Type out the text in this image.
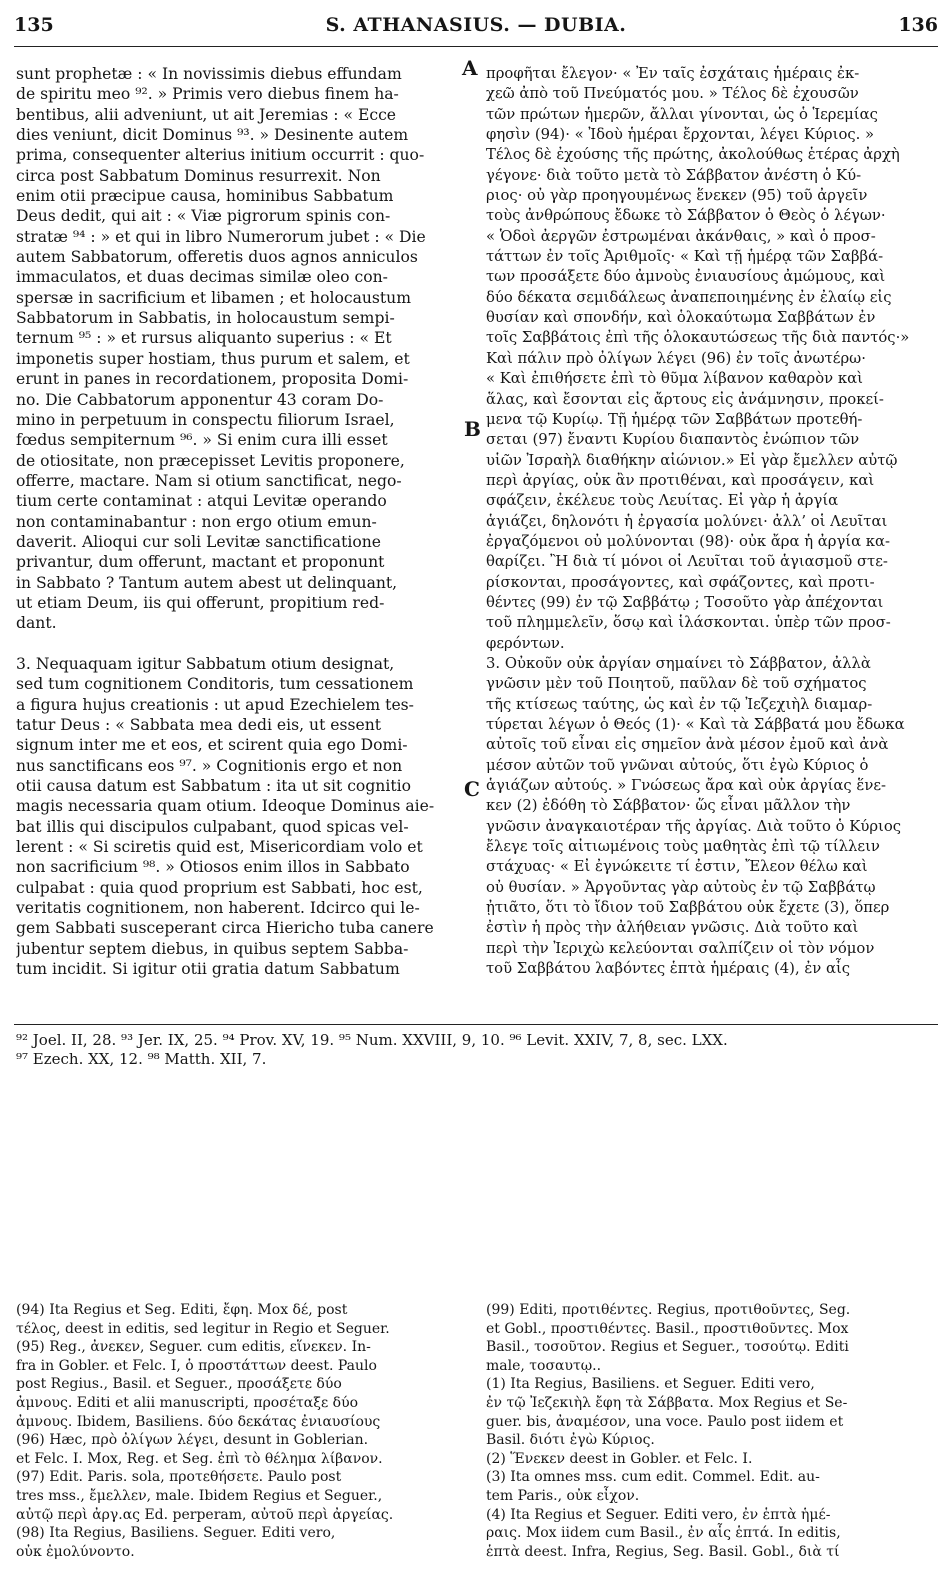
135	S. ATHANASIUS. — DUBIA.	136
sunt prophetæ : « In novissimis diebus effundam
de spiritu meo ⁹². » Primis vero diebus finem ha-
bentibus, alii adveniunt, ut ait Jeremias : « Ecce
dies veniunt, dicit Dominus ⁹³. » Desinente autem
prima, consequenter alterius initium occurrit : quo-
circa post Sabbatum Dominus resurrexit. Non
enim otii præcipue causa, hominibus Sabbatum
Deus dedit, qui ait : « Viæ pigrorum spinis con-
stratæ ⁹⁴ : » et qui in libro Numerorum jubet : « Die
autem Sabbatorum, offeretis duos agnos anniculos
immaculatos, et duas decimas similæ oleo con-
spersæ in sacrificium et libamen ; et holocaustum
Sabbatorum in Sabbatis, in holocaustum sempi-
ternum ⁹⁵ : » et rursus aliquanto superius : « Et
imponetis super hostiam, thus purum et salem, et
erunt in panes in recordationem, proposita Domi-
no. Die Cabbatorum apponentur 43 coram Do-
mino in perpetuum in conspectu filiorum Israel,
fœdus sempiternum ⁹⁶. » Si enim cura illi esset
de otiositate, non præcepisset Levitis proponere,
offerre, mactare. Nam si otium sanctificat, nego-
tium certe contaminat : atqui Levitæ operando
non contaminabantur : non ergo otium emun-
daverit. Alioqui cur soli Levitæ sanctificatione
privantur, dum offerunt, mactant et proponunt
in Sabbato ? Tantum autem abest ut delinquant,
ut etiam Deum, iis qui offerunt, propitium red-
dant.
3. Nequaquam igitur Sabbatum otium designat,
sed tum cognitionem Conditoris, tum cessationem
a figura hujus creationis : ut apud Ezechielem tes-
tatur Deus : « Sabbata mea dedi eis, ut essent
signum inter me et eos, et scirent quia ego Domi-
nus sanctificans eos ⁹⁷. » Cognitionis ergo et non
otii causa datum est Sabbatum : ita ut sit cognitio
magis necessaria quam otium. Ideoque Dominus aie-
bat illis qui discipulos culpabant, quod spicas vel-
lerent : « Si sciretis quid est, Misericordiam volo et
non sacrificium ⁹⁸. » Otiosos enim illos in Sabbato
culpabat : quia quod proprium est Sabbati, hoc est,
veritatis cognitionem, non haberent. Idcirco qui le-
gem Sabbati susceperant circa Hiericho tuba canere
jubentur septem diebus, in quibus septem Sabba-
tum incidit. Si igitur otii gratia datum Sabbatum
προφῆται ἔλεγον· « Ἐν ταῖς ἐσχάταις ἡμέραις ἐκ-
χεῶ ἀπὸ τοῦ Πνεύματός μου. » Τέλος δὲ ἐχουσῶν
τῶν πρώτων ἡμερῶν, ἄλλαι γίνονται, ὡς ὁ Ἱερεμίας
φησὶν (94)· « Ἰδοὺ ἡμέραι ἔρχονται, λέγει Κύριος. »
Τέλος δὲ ἐχούσης τῆς πρώτης, ἀκολούθως ἑτέρας ἀρχὴ
γέγονε· διὰ τοῦτο μετὰ τὸ Σάββατον ἀνέστη ὁ Κύ-
ριος· οὐ γὰρ προηγουμένως ἕνεκεν (95) τοῦ ἀργεῖν
τοὺς ἀνθρώπους ἔδωκε τὸ Σάββατον ὁ Θεὸς ὁ λέγων·
« Ὁδοὶ ἀεργῶν ἐστρωμέναι ἀκάνθαις, » καὶ ὁ προσ-
τάττων ἐν τοῖς Ἀριθμοῖς· « Καὶ τῇ ἡμέρᾳ τῶν Σαββά-
των προσάξετε δύο ἀμνοὺς ἐνιαυσίους ἀμώμους, καὶ
δύο δέκατα σεμιδάλεως ἀναπεποιημένης ἐν ἐλαίῳ εἰς
θυσίαν καὶ σπονδήν, καὶ ὁλοκαύτωμα Σαββάτων ἐν
τοῖς Σαββάτοις ἐπὶ τῆς ὁλοκαυτώσεως τῆς διὰ παντός·»
Καὶ πάλιν πρὸ ὀλίγων λέγει (96) ἐν τοῖς ἀνωτέρω·
« Καὶ ἐπιθήσετε ἐπὶ τὸ θῦμα λίβανον καθαρὸν καὶ
ἅλας, καὶ ἔσονται εἰς ἄρτους εἰς ἀνάμνησιν, προκεί-
μενα τῷ Κυρίῳ. Τῇ ἡμέρᾳ τῶν Σαββάτων προτεθή-
σεται (97) ἔναντι Κυρίου διαπαντὸς ἐνώπιον τῶν
υἱῶν Ἰσραὴλ διαθήκην αἰώνιον.» Εἰ γὰρ ἔμελλεν αὐτῷ
περὶ ἀργίας, οὐκ ἂν προτιθέναι, καὶ προσάγειν, καὶ
σφάζειν, ἐκέλευε τοὺς Λευίτας. Εἰ γὰρ ἡ ἀργία
ἁγιάζει, δηλονότι ἡ ἐργασία μολύνει· ἀλλ’ οἱ Λευῖται
ἐργαζόμενοι οὐ μολύνονται (98)· οὐκ ἄρα ἡ ἀργία κα-
θαρίζει. Ἢ διὰ τί μόνοι οἱ Λευῖται τοῦ ἁγιασμοῦ στε-
ρίσκονται, προσάγοντες, καὶ σφάζοντες, καὶ προτι-
θέντες (99) ἐν τῷ Σαββάτῳ ; Τοσοῦτο γὰρ ἀπέχονται
τοῦ πλημμελεῖν, ὅσῳ καὶ ἱλάσκονται. ὑπὲρ τῶν προσ-
φερόντων.
3. Οὐκοῦν οὐκ ἀργίαν σημαίνει τὸ Σάββατον, ἀλλὰ
γνῶσιν μὲν τοῦ Ποιητοῦ, παῦλαν δὲ τοῦ σχήματος
τῆς κτίσεως ταύτης, ὡς καὶ ἐν τῷ Ἰεζεχιὴλ διαμαρ-
τύρεται λέγων ὁ Θεός (1)· « Καὶ τὰ Σάββατά μου ἔδωκα
αὐτοῖς τοῦ εἶναι εἰς σημεῖον ἀνὰ μέσον ἐμοῦ καὶ ἀνὰ
μέσον αὐτῶν τοῦ γνῶναι αὐτούς, ὅτι ἐγὼ Κύριος ὁ
ἁγιάζων αὐτούς. » Γνώσεως ἄρα καὶ οὐκ ἀργίας ἕνε-
κεν (2) ἐδόθη τὸ Σάββατον· ὥς εἶναι μᾶλλον τὴν
γνῶσιν ἀναγκαιοτέραν τῆς ἀργίας. Διὰ τοῦτο ὁ Κύριος
ἔλεγε τοῖς αἰτιωμένοις τοὺς μαθητὰς ἐπὶ τῷ τίλλειν
στάχυας· « Εἰ ἐγνώκειτε τί ἐστιν, Ἔλεον θέλω καὶ
οὐ θυσίαν. » Ἀργοῦντας γὰρ αὐτοὺς ἐν τῷ Σαββάτῳ
ᾐτιᾶτο, ὅτι τὸ ἴδιον τοῦ Σαββάτου οὐκ ἔχετε (3), ὅπερ
ἐστὶν ἡ πρὸς τὴν ἀλήθειαν γνῶσις. Διὰ τοῦτο καὶ
περὶ τὴν Ἰεριχὼ κελεύονται σαλπίζειν οἱ τὸν νόμον
τοῦ Σαββάτου λαβόντες ἑπτὰ ἡμέραις (4), ἐν αἷς
A
B
C
⁹² Joel. II, 28. ⁹³ Jer. IX, 25. ⁹⁴ Prov. XV, 19. ⁹⁵ Num. XXVIII, 9, 10. ⁹⁶ Levit. XXIV, 7, 8, sec. LXX.
⁹⁷ Ezech. XX, 12. ⁹⁸ Matth. XII, 7.
(94) Ita Regius et Seg. Editi, ἔφη. Mox δέ, post
τέλος, deest in editis, sed legitur in Regio et Seguer.
(95) Reg., ἀνεκεν, Seguer. cum editis, εἵνεκεν. In-
fra in Gobler. et Felc. I, ὁ προστάττων deest. Paulo
post Regius., Basil. et Seguer., προσάξετε δύο
ἀμνους. Editi et alii manuscripti, προσέταξε δύο
ἀμνους. Ibidem, Basiliens. δύο δεκάτας ἐνιαυσίους
(96) Hæc, πρὸ ὀλίγων λέγει, desunt in Goblerian.
et Felc. I. Mox, Reg. et Seg. ἐπὶ τὸ θέλημα λίβανον.
(97) Edit. Paris. sola, προτεθήσετε. Paulo post
tres mss., ἔμελλεν, male. Ibidem Regius et Seguer.,
αὐτῷ περὶ ἀργ.ας Ed. perperam, αὐτοῦ περὶ ἀργείας.
(98) Ita Regius, Basiliens. Seguer. Editi vero,
οὐκ ἐμολύνοντο.
(99) Editi, προτιθέντες. Regius, προτιθοῦντες, Seg.
et Gobl., προστιθέντες. Basil., προστιθοῦντες. Mox
Basil., τοσοῦτον. Regius et Seguer., τοσούτῳ. Editi
male, τοσαυτῳ..
(1) Ita Regius, Basiliens. et Seguer. Editi vero,
ἐν τῷ Ἰεζεκιὴλ ἔφη τὰ Σάββατα. Mox Regius et Se-
guer. bis, ἀναμέσον, una voce. Paulo post iidem et
Basil. διότι ἐγὼ Κύριος.
(2) Ἕνεκεν deest in Gobler. et Felc. I.
(3) Ita omnes mss. cum edit. Commel. Edit. au-
tem Paris., οὐκ εἶχον.
(4) Ita Regius et Seguer. Editi vero, ἐν ἑπτὰ ἡμέ-
ραις. Mox iidem cum Basil., ἐν αἷς ἑπτά. In editis,
ἑπτὰ deest. Infra, Regius, Seg. Basil. Gobl., διὰ τί
